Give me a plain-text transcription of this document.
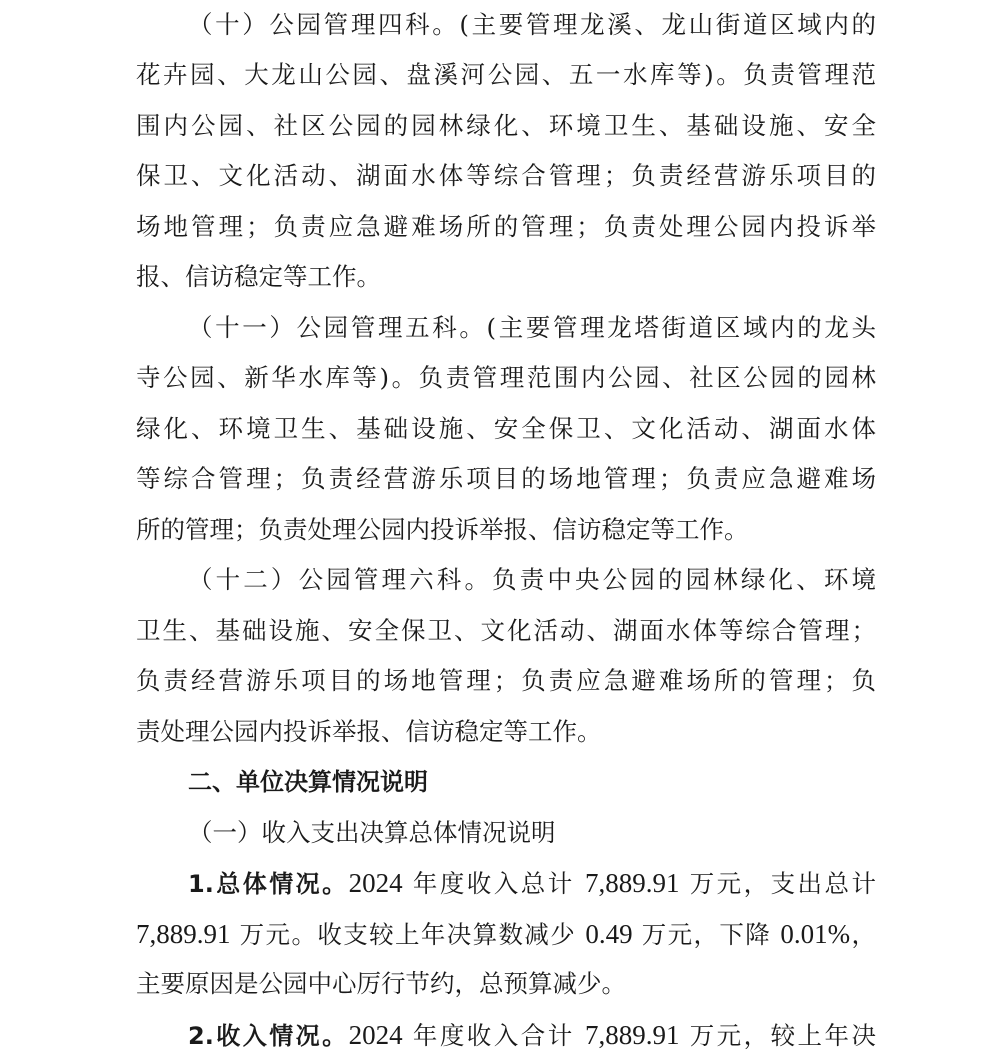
（十）公园管理四科。(主要管理龙溪、龙山街道区域内的
花卉园、大龙山公园、盘溪河公园、五一水库等)。负责管理范
围内公园、社区公园的园林绿化、环境卫生、基础设施、安全
保卫、文化活动、湖面水体等综合管理；负责经营游乐项目的
场地管理；负责应急避难场所的管理；负责处理公园内投诉举
报、信访稳定等工作。
（十一）公园管理五科。(主要管理龙塔街道区域内的龙头
寺公园、新华水库等)。负责管理范围内公园、社区公园的园林
绿化、环境卫生、基础设施、安全保卫、文化活动、湖面水体
等综合管理；负责经营游乐项目的场地管理；负责应急避难场
所的管理；负责处理公园内投诉举报、信访稳定等工作。
（十二）公园管理六科。负责中央公园的园林绿化、环境
卫生、基础设施、安全保卫、文化活动、湖面水体等综合管理；
负责经营游乐项目的场地管理；负责应急避难场所的管理；负
责处理公园内投诉举报、信访稳定等工作。
二、单位决算情况说明
（一）收入支出决算总体情况说明
1.总体情况。2024 年度收入总计 7,889.91 万元，支出总计
7,889.91 万元。收支较上年决算数减少 0.49 万元，下降 0.01%，
主要原因是公园中心厉行节约，总预算减少。
2.收入情况。2024 年度收入合计 7,889.91 万元，较上年决
